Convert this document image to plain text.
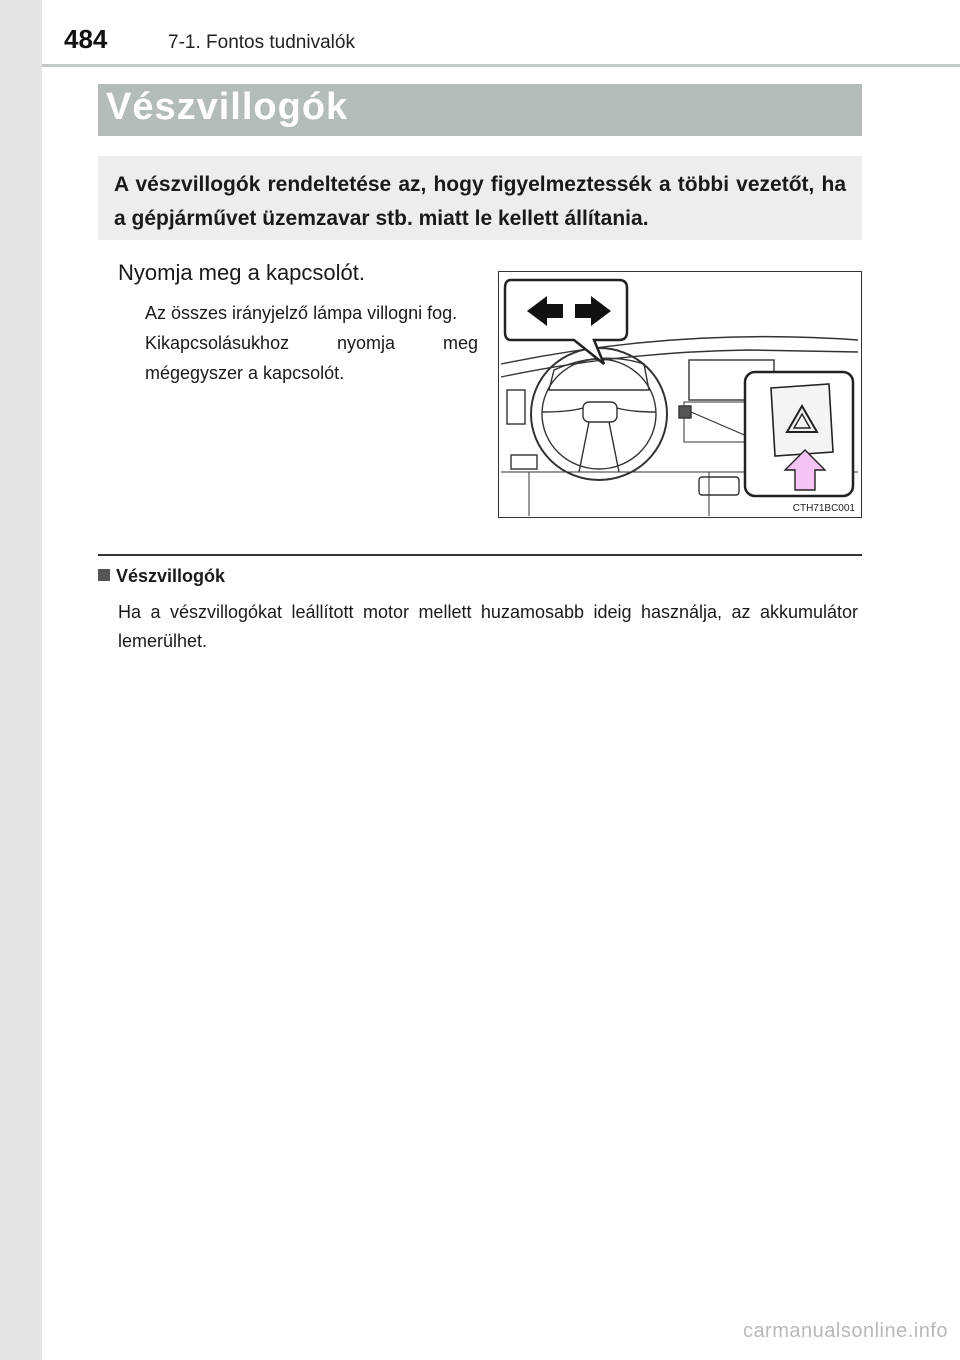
484	7-1. Fontos tudnivalók
Vészvillogók
A vészvillogók rendeltetése az, hogy figyelmeztessék a többi vezetőt, ha a gépjárművet üzemzavar stb. miatt le kellett állítania.
Nyomja meg a kapcsolót.

Az összes irányjelző lámpa villogni fog.

Kikapcsolásukhoz nyomja meg mégegyszer a kapcsolót.

CTH71BC001
Vészvillogók
Ha a vészvillogókat leállított motor mellett huzamosabb ideig használja, az akkumulátor lemerülhet.
carmanualsonline.info
